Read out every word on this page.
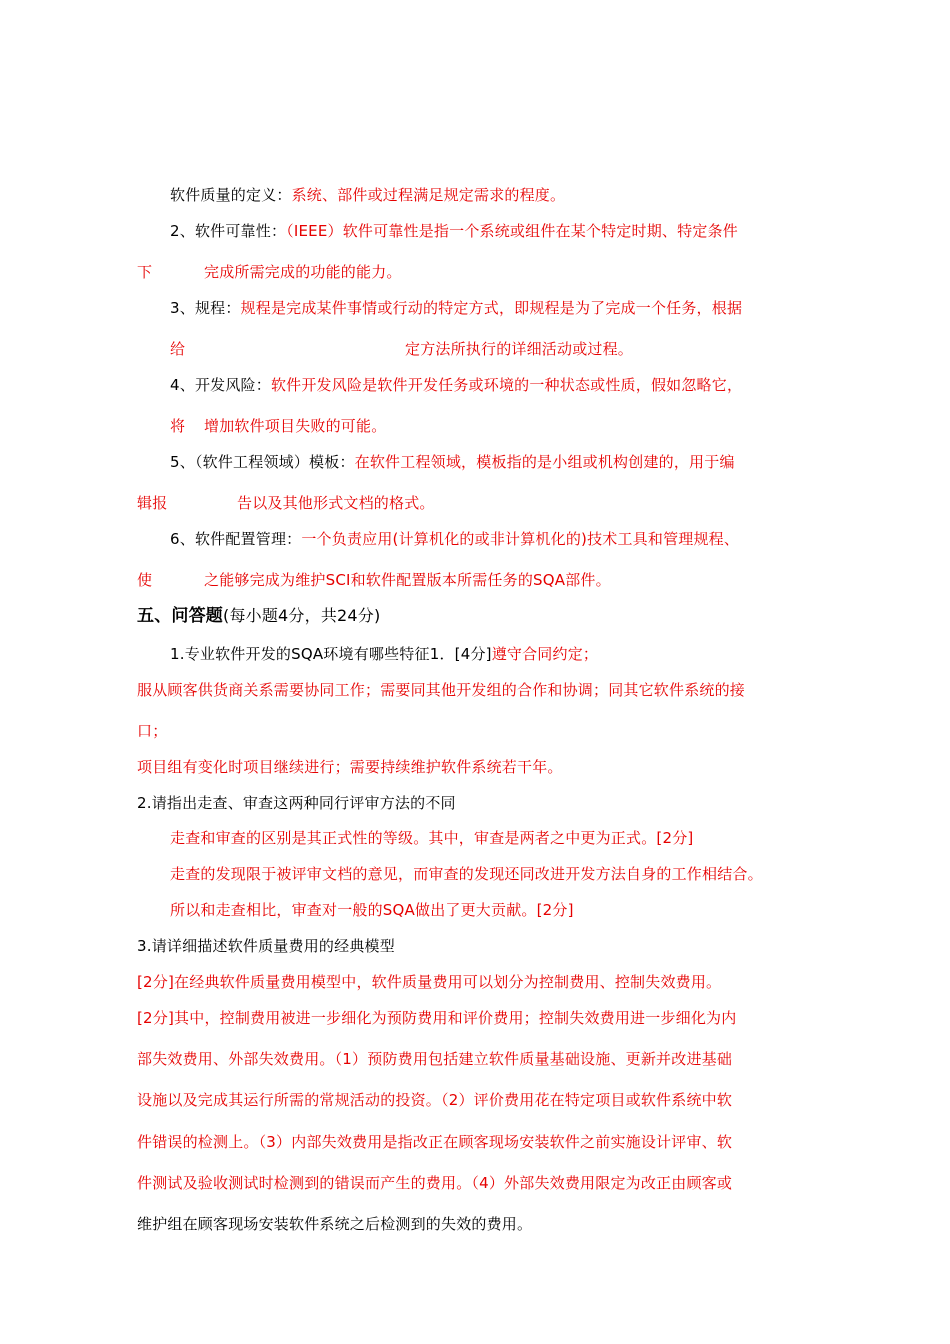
软件质量的定义：系统、部件或过程满足规定需求的程度。
2、软件可靠性：（IEEE）软件可靠性是指一个系统或组件在某个特定时期、特定条件
下	完成所需完成的功能的能力。
3、规程：规程是完成某件事情或行动的特定方式，即规程是为了完成一个任务，根据
给	定方法所执行的详细活动或过程。
4、开发风险：软件开发风险是软件开发任务或环境的一种状态或性质，假如忽略它，
将 增加软件项目失败的可能。
5、（软件工程领域）模板：在软件工程领域，模板指的是小组或机构创建的，用于编
辑报	告以及其他形式文档的格式。
6、软件配置管理：一个负责应用(计算机化的或非计算机化的)技术工具和管理规程、
使	之能够完成为维护SCI和软件配置版本所需任务的SQA部件。
五、问答题(每小题4分，共24分)
1.专业软件开发的SQA环境有哪些特征1．[4分]遵守合同约定；
服从顾客供货商关系需要协同工作；需要同其他开发组的合作和协调；同其它软件系统的接
口；
项目组有变化时项目继续进行；需要持续维护软件系统若干年。
2.请指出走查、审查这两种同行评审方法的不同
走查和审查的区别是其正式性的等级。其中，审查是两者之中更为正式。[2分]
走查的发现限于被评审文档的意见，而审查的发现还同改进开发方法自身的工作相结合。
所以和走查相比，审查对一般的SQA做出了更大贡献。[2分]
3.请详细描述软件质量费用的经典模型
[2分]在经典软件质量费用模型中，软件质量费用可以划分为控制费用、控制失效费用。
[2分]其中，控制费用被进一步细化为预防费用和评价费用；控制失效费用进一步细化为内
部失效费用、外部失效费用。（1）预防费用包括建立软件质量基础设施、更新并改进基础
设施以及完成其运行所需的常规活动的投资。（2）评价费用花在特定项目或软件系统中软
件错误的检测上。（3）内部失效费用是指改正在顾客现场安装软件之前实施设计评审、软
件测试及验收测试时检测到的错误而产生的费用。（4）外部失效费用限定为改正由顾客或
维护组在顾客现场安装软件系统之后检测到的失效的费用。
